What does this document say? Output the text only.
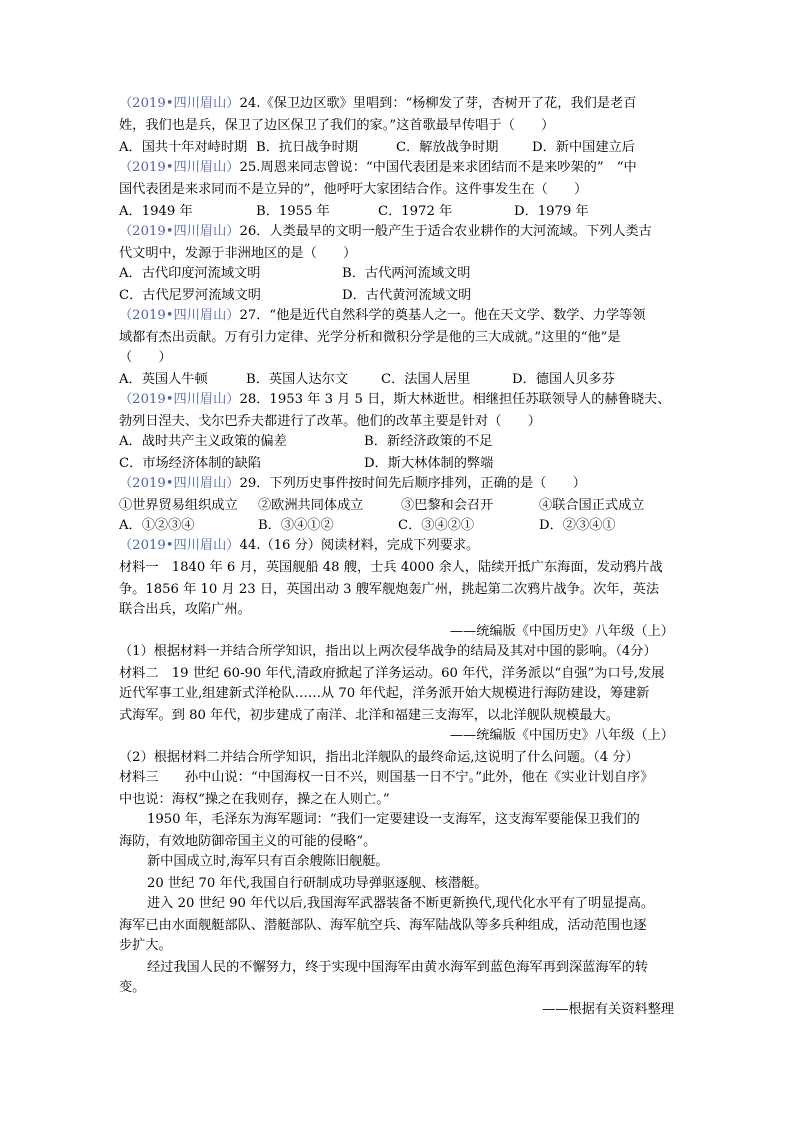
（2019•四川眉山）24.《保卫边区歌》里唱到：“杨柳发了芽，杏树开了花，我们是老百
姓，我们也是兵，保卫了边区保卫了我们的家。”这首歌最早传唱于（　　）
A．国共十年对峙时期 B．抗日战争时期	C．解放战争时期	D．新中国建立后
（2019•四川眉山）25.周恩来同志曾说：“中国代表团是来求团结而不是来吵架的”　“中
国代表团是来求同而不是立异的”，他呼吁大家团结合作。这件事发生在（　　）
A．1949 年	B．1955 年	C．1972 年	D．1979 年
（2019•四川眉山）26．人类最早的文明一般产生于适合农业耕作的大河流域。下列人类古
代文明中，发源于非洲地区的是（　　）
A．古代印度河流域文明	B．古代两河流域文明
C．古代尼罗河流域文明	D．古代黄河流域文明
（2019•四川眉山）27．“他是近代自然科学的奠基人之一。他在天文学、数学、力学等领
域都有杰出贡献。万有引力定律、光学分析和微积分学是他的三大成就。”这里的“他”是
（　　）
A．英国人牛顿	B．英国人达尔文 C．法国人居里	D．德国人贝多芬
（2019•四川眉山）28．1953 年 3 月 5 日，斯大林逝世。相继担任苏联领导人的赫鲁晓夫、
勃列日涅夫、戈尔巴乔夫都进行了改革。他们的改革主要是针对（　　）
A．战时共产主义政策的偏差	B．新经济政策的不足
C．市场经济体制的缺陷	D．斯大林体制的弊端
（2019•四川眉山）29．下列历史事件按时间先后顺序排列，正确的是（　　）
①世界贸易组织成立 ②欧洲共同体成立	③巴黎和会召开	④联合国正式成立
A．①②③④	B．③④①②	C．③④②①	D．②③④①
（2019•四川眉山）44.（16 分）阅读材料，完成下列要求。
材料一　1840 年 6 月，英国舰船 48 艘，士兵 4000 余人，陆续开抵广东海面，发动鸦片战
争。1856 年 10 月 23 日，英国出动 3 艘军舰炮轰广州，挑起第二次鸦片战争。次年，英法
联合出兵，攻陷广州。
——统编版《中国历史》八年级（上）
（1）根据材料一并结合所学知识，指出以上两次侵华战争的结局及其对中国的影响。（4分）
材料二　19 世纪 60-90 年代,清政府掀起了洋务运动。60 年代，洋务派以“自强”为口号,发展
近代军事工业,组建新式洋枪队……从 70 年代起，洋务派开始大规模进行海防建设，筹建新
式海军。到 80 年代，初步建成了南洋、北洋和福建三支海军，以北洋舰队规模最大。
——统编版《中国历史》八年级（上）
（2）根据材料二并结合所学知识，指出北洋舰队的最终命运,这说明了什么问题。（4 分）
材料三　　孙中山说：“中国海权一日不兴，则国基一日不宁。”此外，他在《实业计划自序》
中也说：海权“操之在我则存，操之在人则亡。”
1950 年，毛泽东为海军题词：“我们一定要建设一支海军，这支海军要能保卫我们的
海防，有效地防御帝国主义的可能的侵略”。
新中国成立时,海军只有百余艘陈旧舰艇。
20 世纪 70 年代,我国自行研制成功导弹驱逐舰、核潜艇。
进入 20 世纪 90 年代以后,我国海军武器装备不断更新换代,现代化水平有了明显提高。
海军已由水面舰艇部队、潜艇部队、海军航空兵、海军陆战队等多兵种组成，活动范围也逐
步扩大。
经过我国人民的不懈努力，终于实现中国海军由黄水海军到蓝色海军再到深蓝海军的转
变。
——根据有关资料整理
